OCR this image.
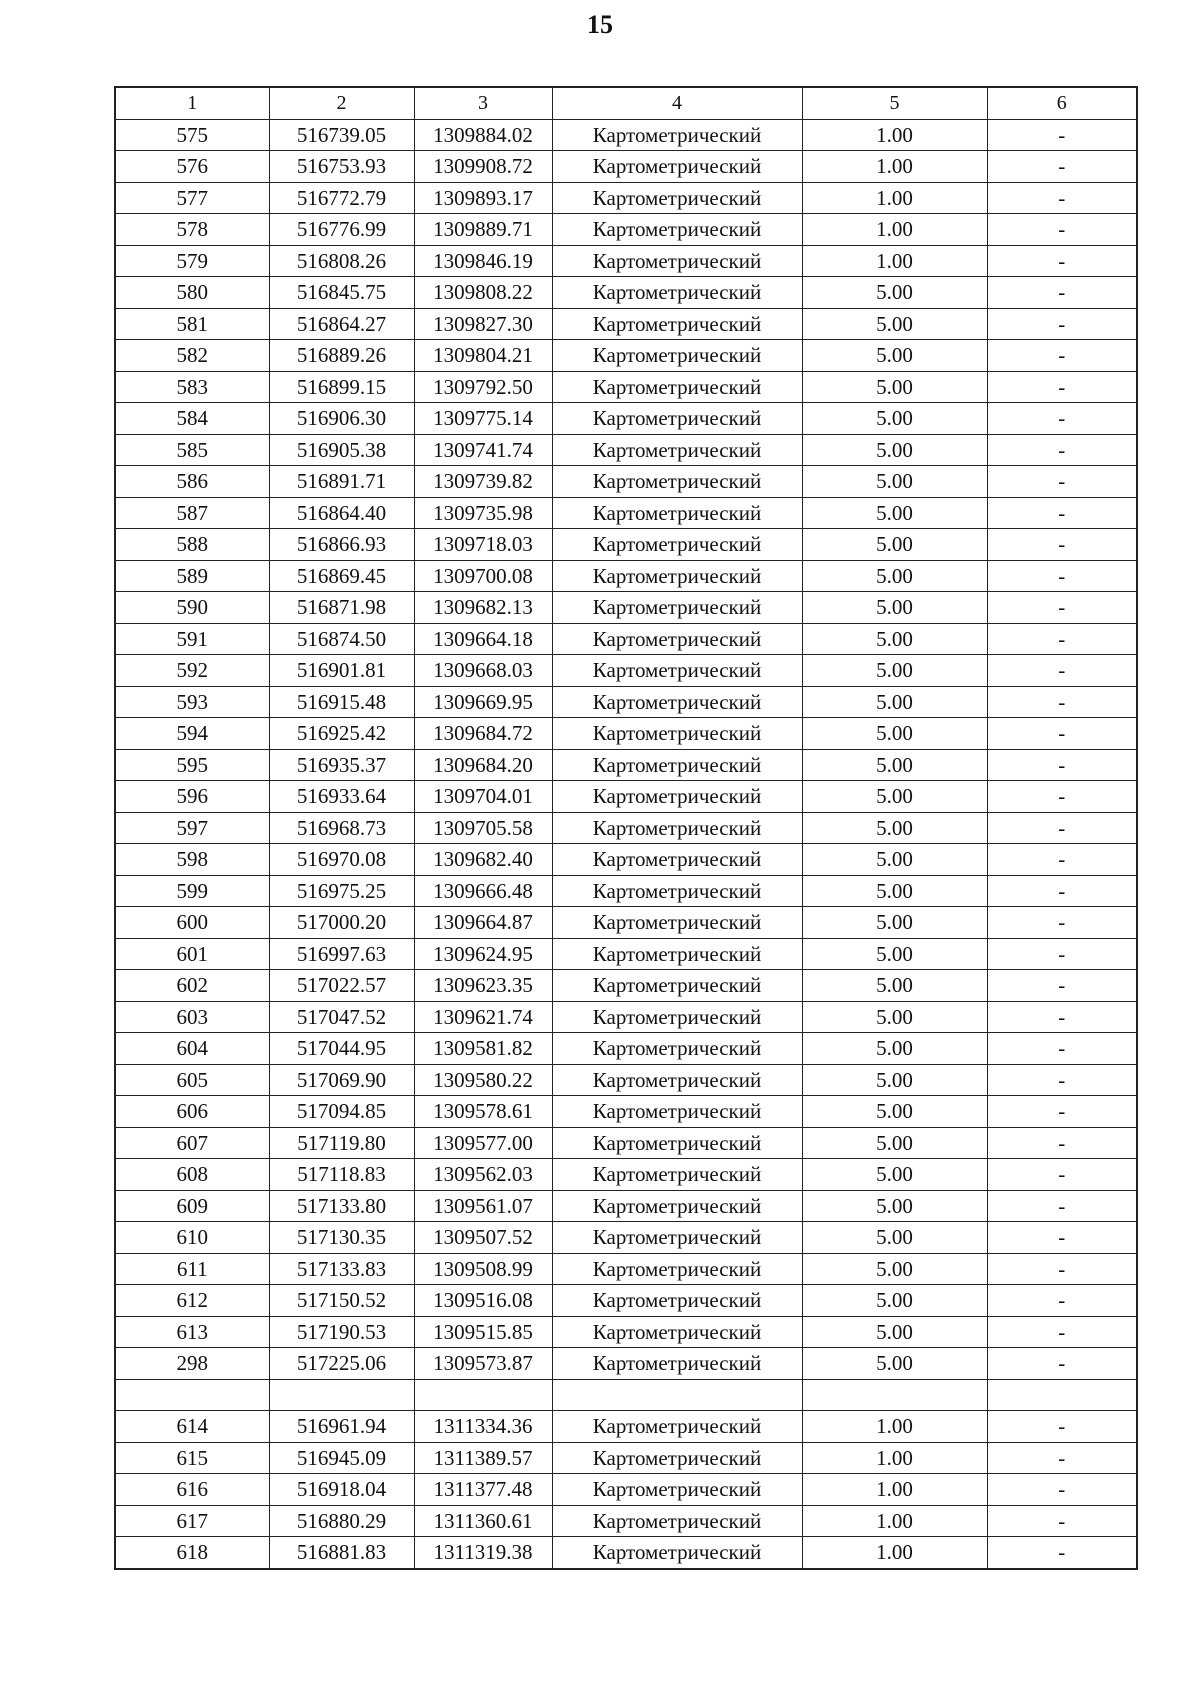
15
1	2	3	4	5	6
575	516739.05	1309884.02	Картометрический	1.00	-
576	516753.93	1309908.72	Картометрический	1.00	-
577	516772.79	1309893.17	Картометрический	1.00	-
578	516776.99	1309889.71	Картометрический	1.00	-
579	516808.26	1309846.19	Картометрический	1.00	-
580	516845.75	1309808.22	Картометрический	5.00	-
581	516864.27	1309827.30	Картометрический	5.00	-
582	516889.26	1309804.21	Картометрический	5.00	-
583	516899.15	1309792.50	Картометрический	5.00	-
584	516906.30	1309775.14	Картометрический	5.00	-
585	516905.38	1309741.74	Картометрический	5.00	-
586	516891.71	1309739.82	Картометрический	5.00	-
587	516864.40	1309735.98	Картометрический	5.00	-
588	516866.93	1309718.03	Картометрический	5.00	-
589	516869.45	1309700.08	Картометрический	5.00	-
590	516871.98	1309682.13	Картометрический	5.00	-
591	516874.50	1309664.18	Картометрический	5.00	-
592	516901.81	1309668.03	Картометрический	5.00	-
593	516915.48	1309669.95	Картометрический	5.00	-
594	516925.42	1309684.72	Картометрический	5.00	-
595	516935.37	1309684.20	Картометрический	5.00	-
596	516933.64	1309704.01	Картометрический	5.00	-
597	516968.73	1309705.58	Картометрический	5.00	-
598	516970.08	1309682.40	Картометрический	5.00	-
599	516975.25	1309666.48	Картометрический	5.00	-
600	517000.20	1309664.87	Картометрический	5.00	-
601	516997.63	1309624.95	Картометрический	5.00	-
602	517022.57	1309623.35	Картометрический	5.00	-
603	517047.52	1309621.74	Картометрический	5.00	-
604	517044.95	1309581.82	Картометрический	5.00	-
605	517069.90	1309580.22	Картометрический	5.00	-
606	517094.85	1309578.61	Картометрический	5.00	-
607	517119.80	1309577.00	Картометрический	5.00	-
608	517118.83	1309562.03	Картометрический	5.00	-
609	517133.80	1309561.07	Картометрический	5.00	-
610	517130.35	1309507.52	Картометрический	5.00	-
611	517133.83	1309508.99	Картометрический	5.00	-
612	517150.52	1309516.08	Картометрический	5.00	-
613	517190.53	1309515.85	Картометрический	5.00	-
298	517225.06	1309573.87	Картометрический	5.00	-

614	516961.94	1311334.36	Картометрический	1.00	-
615	516945.09	1311389.57	Картометрический	1.00	-
616	516918.04	1311377.48	Картометрический	1.00	-
617	516880.29	1311360.61	Картометрический	1.00	-
618	516881.83	1311319.38	Картометрический	1.00	-
